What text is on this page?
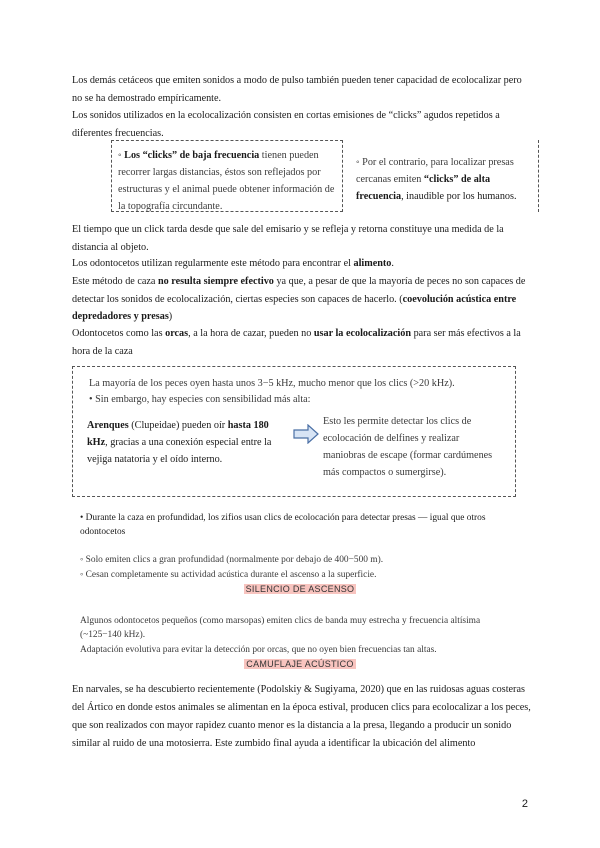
Los demás cetáceos que emiten sonidos a modo de pulso también pueden tener capacidad de ecolocalizar pero no se ha demostrado empíricamente.

Los sonidos utilizados en la ecolocalización consisten en cortas emisiones de “clicks” agudos repetidos a diferentes frecuencias.

◦ Los “clicks” de baja frecuencia tienen pueden recorrer largas distancias, éstos son reflejados por estructuras y el animal puede obtener información de la topografía circundante.

◦ Por el contrario, para localizar presas cercanas emiten “clicks” de alta frecuencia, inaudible por los humanos.

El tiempo que un click tarda desde que sale del emisario y se refleja y retorna constituye una medida de la distancia al objeto.

Los odontocetos utilizan regularmente este método para encontrar el alimento.

Este método de caza no resulta siempre efectivo ya que, a pesar de que la mayoría de peces no son capaces de detectar los sonidos de ecolocalización, ciertas especies son capaces de hacerlo. (coevolución acústica entre depredadores y presas)

Odontocetos como las orcas, a la hora de cazar, pueden no usar la ecolocalización para ser más efectivos a la hora de la caza

La mayoría de los peces oyen hasta unos 3−5 kHz, mucho menor que los clics (>20 kHz).

• Sin embargo, hay especies con sensibilidad más alta:

Arenques (Clupeidae) pueden oír hasta 180 kHz, gracias a una conexión especial entre la vejiga natatoria y el oído interno.

Esto les permite detectar los clics de ecolocación de delfines y realizar maniobras de escape (formar cardúmenes más compactos o sumergirse).

• Durante la caza en profundidad, los zifios usan clics de ecolocación para detectar presas — igual que otros odontocetos

◦ Solo emiten clics a gran profundidad (normalmente por debajo de 400−500 m).

◦ Cesan completamente su actividad acústica durante el ascenso a la superficie.

SILENCIO DE ASCENSO

Algunos odontocetos pequeños (como marsopas) emiten clics de banda muy estrecha y frecuencia altísima (~125−140 kHz).

Adaptación evolutiva para evitar la detección por orcas, que no oyen bien frecuencias tan altas.

CAMUFLAJE ACÚSTICO

En narvales, se ha descubierto recientemente (Podolskiy & Sugiyama, 2020) que en las ruidosas aguas costeras del Ártico en donde estos animales se alimentan en la época estival, producen clics para ecolocalizar a los peces, que son realizados con mayor rapidez cuanto menor es la distancia a la presa, llegando a producir un sonido similar al ruido de una motosierra. Este zumbido final ayuda a identificar la ubicación del alimento

2
